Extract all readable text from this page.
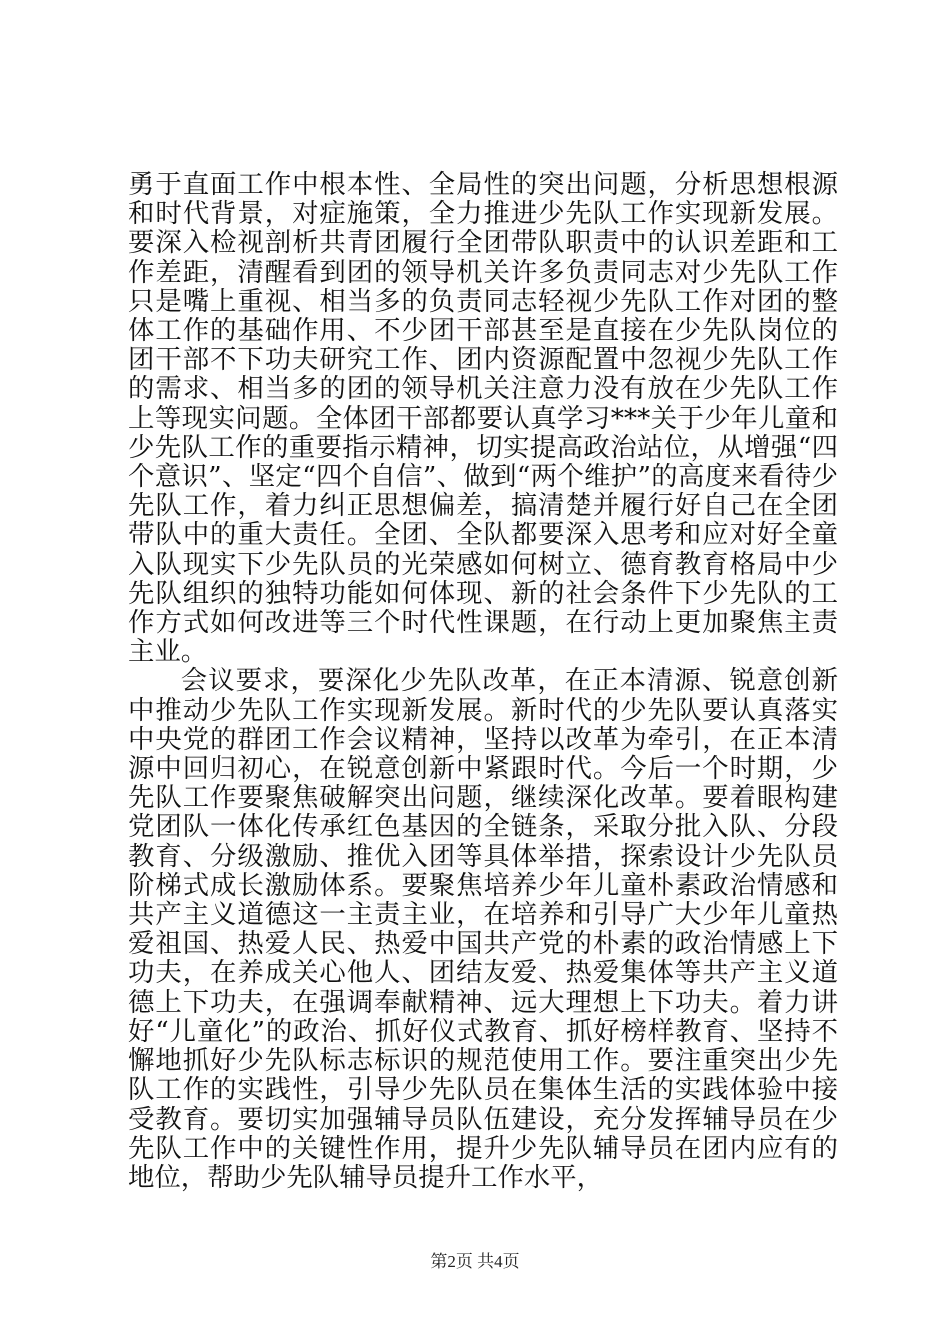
勇于直面工作中根本性、全局性的突出问题，分析思想根源和时代背景，对症施策，全力推进少先队工作实现新发展。要深入检视剖析共青团履行全团带队职责中的认识差距和工作差距，清醒看到团的领导机关许多负责同志对少先队工作只是嘴上重视、相当多的负责同志轻视少先队工作对团的整体工作的基础作用、不少团干部甚至是直接在少先队岗位的团干部不下功夫研究工作、团内资源配置中忽视少先队工作的需求、相当多的团的领导机关注意力没有放在少先队工作上等现实问题。全体团干部都要认真学习***关于少年儿童和少先队工作的重要指示精神，切实提高政治站位，从增强“四个意识”、坚定“四个自信”、做到“两个维护”的高度来看待少先队工作，着力纠正思想偏差，搞清楚并履行好自己在全团带队中的重大责任。全团、全队都要深入思考和应对好全童入队现实下少先队员的光荣感如何树立、德育教育格局中少先队组织的独特功能如何体现、新的社会条件下少先队的工作方式如何改进等三个时代性课题，在行动上更加聚焦主责主业。

会议要求，要深化少先队改革，在正本清源、锐意创新中推动少先队工作实现新发展。新时代的少先队要认真落实中央党的群团工作会议精神，坚持以改革为牵引，在正本清源中回归初心，在锐意创新中紧跟时代。今后一个时期，少先队工作要聚焦破解突出问题，继续深化改革。要着眼构建党团队一体化传承红色基因的全链条，采取分批入队、分段教育、分级激励、推优入团等具体举措，探索设计少先队员阶梯式成长激励体系。要聚焦培养少年儿童朴素政治情感和共产主义道德这一主责主业，在培养和引导广大少年儿童热爱祖国、热爱人民、热爱中国共产党的朴素的政治情感上下功夫，在养成关心他人、团结友爱、热爱集体等共产主义道德上下功夫，在强调奉献精神、远大理想上下功夫。着力讲好“儿童化”的政治、抓好仪式教育、抓好榜样教育、坚持不懈地抓好少先队标志标识的规范使用工作。要注重突出少先队工作的实践性，引导少先队员在集体生活的实践体验中接受教育。要切实加强辅导员队伍建设，充分发挥辅导员在少先队工作中的关键性作用，提升少先队辅导员在团内应有的地位，帮助少先队辅导员提升工作水平，

第2页 共4页
